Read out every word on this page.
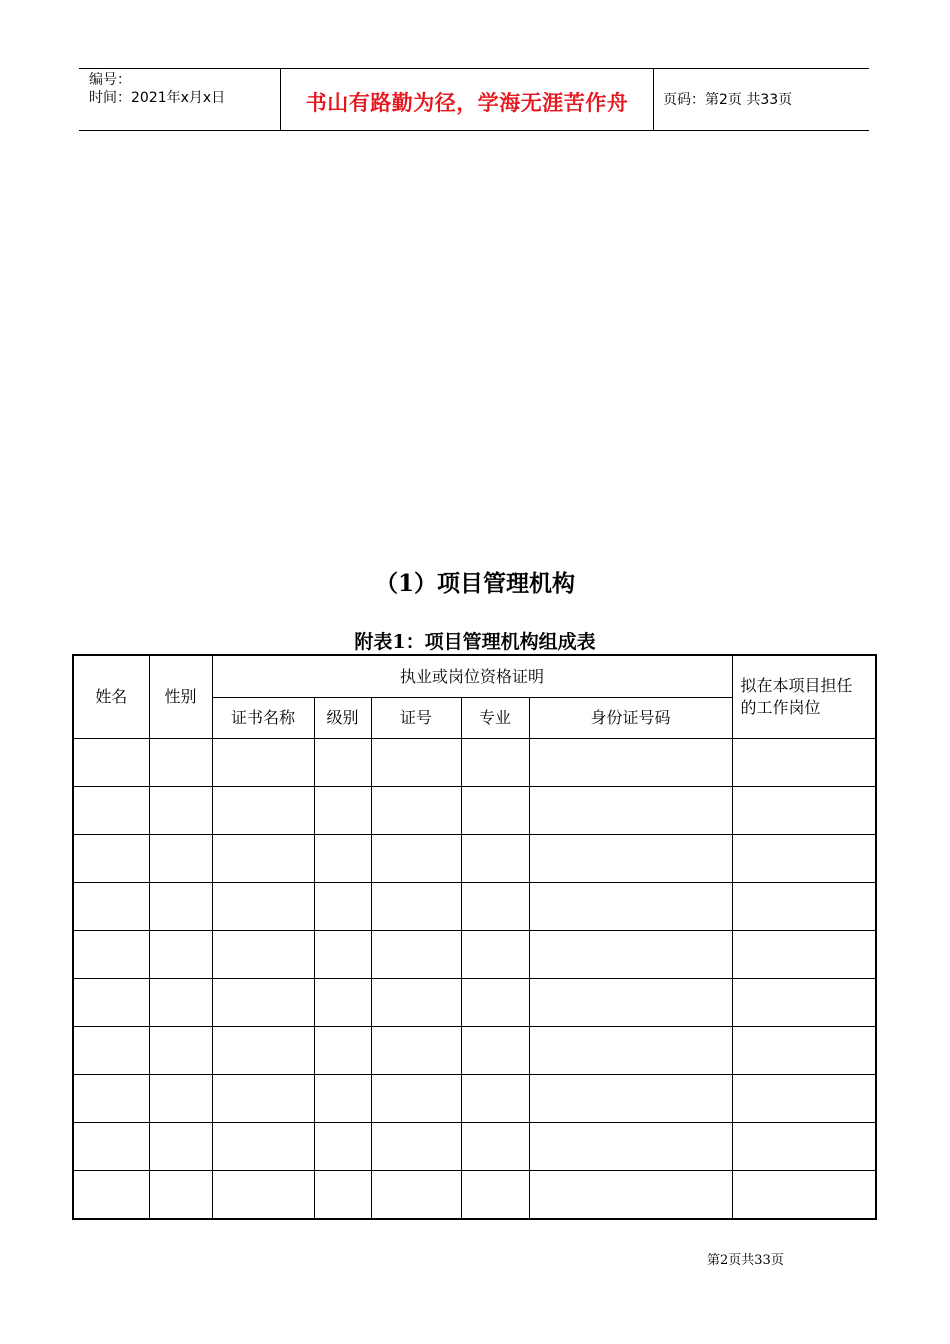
编号：
时间：2021年x月x日	书山有路勤为径，学海无涯苦作舟	页码：第2页 共33页
（1）项目管理机构
附表1：项目管理机构组成表
姓名	性别	执业或岗位资格证明					拟在本项目担任的工作岗位
		证书名称	级别	证号	专业	身份证号码	

第2页共33页
